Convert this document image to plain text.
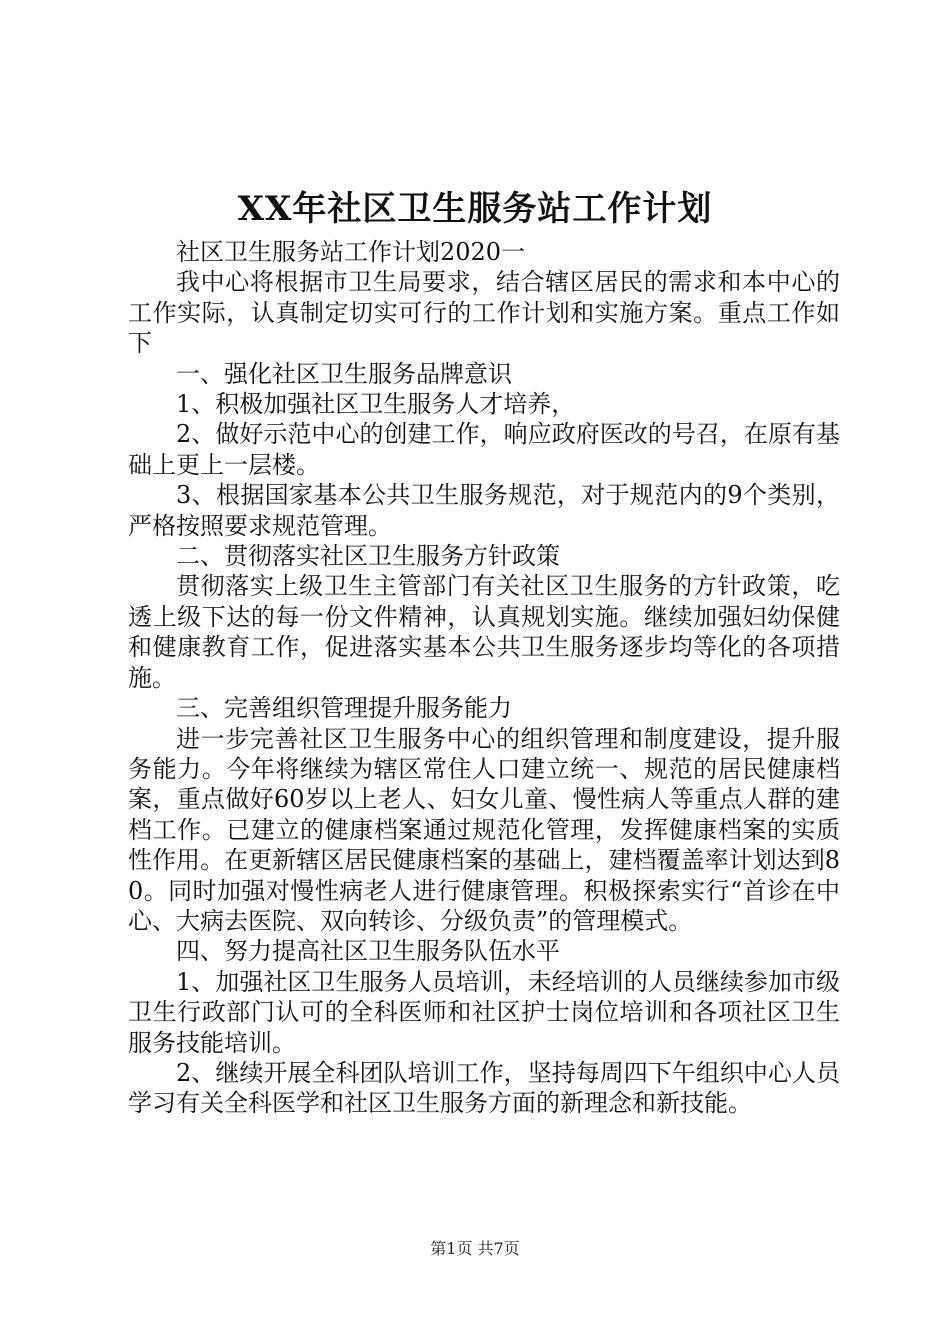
XX年社区卫生服务站工作计划

社区卫生服务站工作计划2020一

我中心将根据市卫生局要求，结合辖区居民的需求和本中心的工作实际，认真制定切实可行的工作计划和实施方案。重点工作如下

一、强化社区卫生服务品牌意识

1、积极加强社区卫生服务人才培养，

2、做好示范中心的创建工作，响应政府医改的号召，在原有基础上更上一层楼。

3、根据国家基本公共卫生服务规范，对于规范内的9个类别，严格按照要求规范管理。

二、贯彻落实社区卫生服务方针政策

贯彻落实上级卫生主管部门有关社区卫生服务的方针政策，吃透上级下达的每一份文件精神，认真规划实施。继续加强妇幼保健和健康教育工作，促进落实基本公共卫生服务逐步均等化的各项措施。

三、完善组织管理提升服务能力

进一步完善社区卫生服务中心的组织管理和制度建设，提升服务能力。今年将继续为辖区常住人口建立统一、规范的居民健康档案，重点做好60岁以上老人、妇女儿童、慢性病人等重点人群的建档工作。已建立的健康档案通过规范化管理，发挥健康档案的实质性作用。在更新辖区居民健康档案的基础上，建档覆盖率计划达到80。同时加强对慢性病老人进行健康管理。积极探索实行“首诊在中心、大病去医院、双向转诊、分级负责”的管理模式。

四、努力提高社区卫生服务队伍水平

1、加强社区卫生服务人员培训，未经培训的人员继续参加市级卫生行政部门认可的全科医师和社区护士岗位培训和各项社区卫生服务技能培训。

2、继续开展全科团队培训工作，坚持每周四下午组织中心人员学习有关全科医学和社区卫生服务方面的新理念和新技能。

第1页 共7页
